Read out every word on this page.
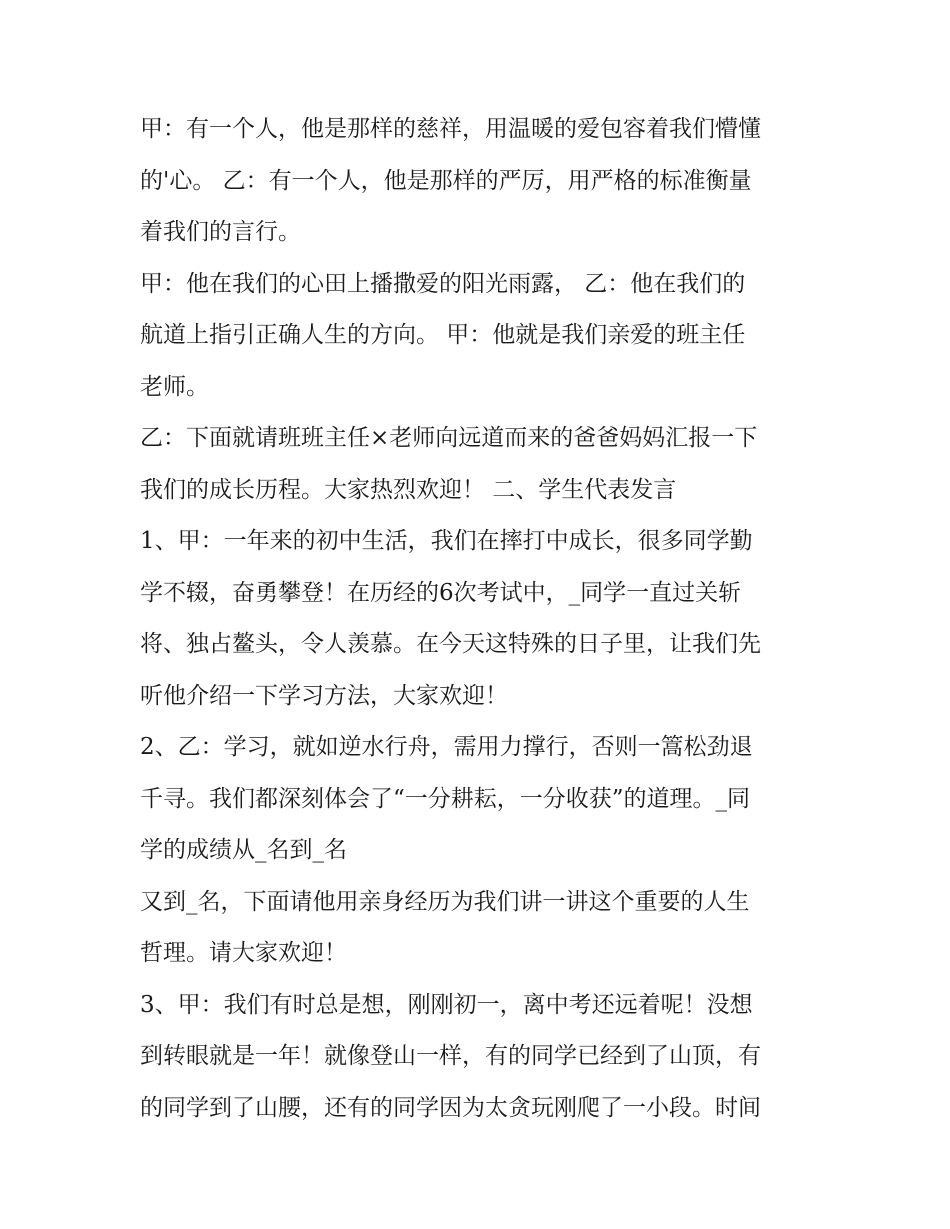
甲：有一个人，他是那样的慈祥，用温暖的爱包容着我们懵懂
的'心。 乙：有一个人，他是那样的严厉，用严格的标准衡量
着我们的言行。
甲：他在我们的心田上播撒爱的阳光雨露， 乙：他在我们的
航道上指引正确人生的方向。 甲：他就是我们亲爱的班主任
老师。
乙：下面就请班班主任×老师向远道而来的爸爸妈妈汇报一下
我们的成长历程。大家热烈欢迎！ 二、学生代表发言
1、甲：一年来的初中生活，我们在摔打中成长，很多同学勤
学不辍，奋勇攀登！在历经的6次考试中，_同学一直过关斩
将、独占鳌头，令人羡慕。在今天这特殊的日子里，让我们先
听他介绍一下学习方法，大家欢迎！
2、乙：学习，就如逆水行舟，需用力撑行，否则一篙松劲退
千寻。我们都深刻体会了“一分耕耘，一分收获”的道理。_同
学的成绩从_名到_名
又到_名，下面请他用亲身经历为我们讲一讲这个重要的人生
哲理。请大家欢迎！
3、甲：我们有时总是想，刚刚初一，离中考还远着呢！没想
到转眼就是一年！就像登山一样，有的同学已经到了山顶，有
的同学到了山腰，还有的同学因为太贪玩刚爬了一小段。时间
